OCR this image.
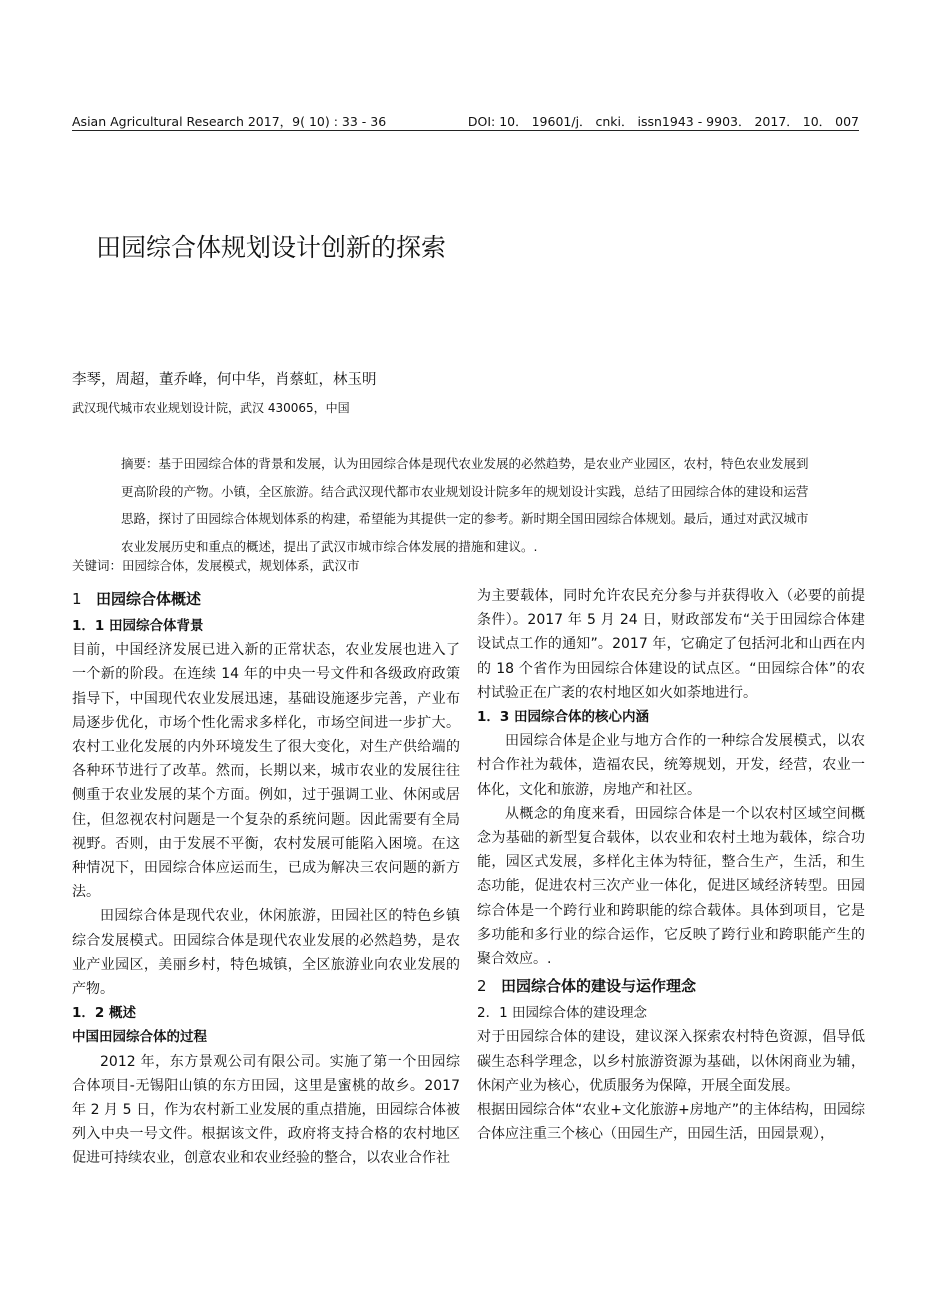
Asian Agricultural Research 2017，9( 10) : 33 - 36	DOI: 10． 19601/j． cnki． issn1943 - 9903． 2017． 10． 007
田园综合体规划设计创新的探索
李琴，周超，董乔峰，何中华，肖蔡虹，林玉明
武汉现代城市农业规划设计院，武汉 430065，中国

摘要：基于田园综合体的背景和发展，认为田园综合体是现代农业发展的必然趋势，是农业产业园区，农村，特色农业发展到

更高阶段的产物。小镇，全区旅游。结合武汉现代都市农业规划设计院多年的规划设计实践，总结了田园综合体的建设和运营

思路，探讨了田园综合体规划体系的构建，希望能为其提供一定的参考。新时期全国田园综合体规划。最后，通过对武汉城市

农业发展历史和重点的概述，提出了武汉市城市综合体发展的措施和建议。.

关键词：田园综合体，发展模式，规划体系，武汉市
1 田园综合体概述

1．1 田园综合体背景

目前，中国经济发展已进入新的正常状态，农业发展也进入了一个新的阶段。在连续 14 年的中央一号文件和各级政府政策指导下，中国现代农业发展迅速，基础设施逐步完善，产业布局逐步优化，市场个性化需求多样化，市场空间进一步扩大。农村工业化发展的内外环境发生了很大变化，对生产供给端的各种环节进行了改革。然而，长期以来，城市农业的发展往往侧重于农业发展的某个方面。例如，过于强调工业、休闲或居住，但忽视农村问题是一个复杂的系统问题。因此需要有全局视野。否则，由于发展不平衡，农村发展可能陷入困境。在这种情况下，田园综合体应运而生，已成为解决三农问题的新方法。

田园综合体是现代农业，休闲旅游，田园社区的特色乡镇综合发展模式。田园综合体是现代农业发展的必然趋势，是农业产业园区，美丽乡村，特色城镇，全区旅游业向农业发展的产物。

1．2 概述

中国田园综合体的过程

2012 年，东方景观公司有限公司。实施了第一个田园综合体项目-无锡阳山镇的东方田园，这里是蜜桃的故乡。2017 年 2 月 5 日，作为农村新工业发展的重点措施，田园综合体被列入中央一号文件。根据该文件，政府将支持合格的农村地区促进可持续农业，创意农业和农业经验的整合，以农业合作社

为主要载体，同时允许农民充分参与并获得收入（必要的前提条件）。2017 年 5 月 24 日，财政部发布“关于田园综合体建设试点工作的通知”。2017 年，它确定了包括河北和山西在内的 18 个省作为田园综合体建设的试点区。“田园综合体”的农村试验正在广袤的农村地区如火如荼地进行。

1．3 田园综合体的核心内涵

田园综合体是企业与地方合作的一种综合发展模式，以农村合作社为载体，造福农民，统筹规划，开发，经营，农业一体化，文化和旅游，房地产和社区。

从概念的角度来看，田园综合体是一个以农村区域空间概念为基础的新型复合载体，以农业和农村土地为载体，综合功能，园区式发展，多样化主体为特征，整合生产，生活，和生态功能，促进农村三次产业一体化，促进区域经济转型。田园综合体是一个跨行业和跨职能的综合载体。具体到项目，它是多功能和多行业的综合运作，它反映了跨行业和跨职能产生的聚合效应。.

2 田园综合体的建设与运作理念

2．1 田园综合体的建设理念

对于田园综合体的建设，建议深入探索农村特色资源，倡导低碳生态科学理念，以乡村旅游资源为基础，以休闲商业为辅，休闲产业为核心，优质服务为保障，开展全面发展。

根据田园综合体“农业+文化旅游+房地产”的主体结构，田园综合体应注重三个核心（田园生产，田园生活，田园景观），
